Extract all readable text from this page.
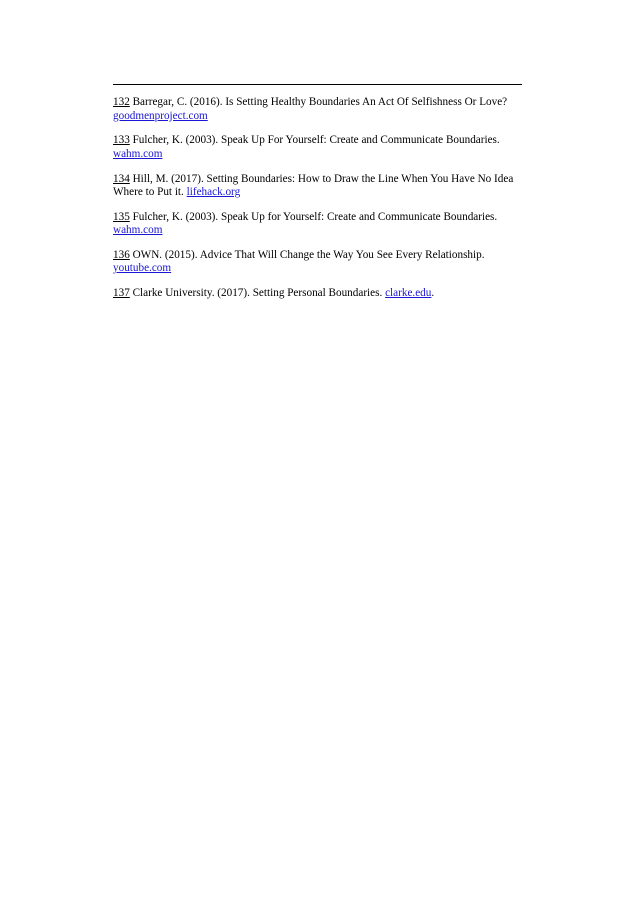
132 Barregar, C. (2016). Is Setting Healthy Boundaries An Act Of Selfishness Or Love? goodmenproject.com

133 Fulcher, K. (2003). Speak Up For Yourself: Create and Communicate Boundaries. wahm.com

134 Hill, M. (2017). Setting Boundaries: How to Draw the Line When You Have No Idea Where to Put it. lifehack.org

135 Fulcher, K. (2003). Speak Up for Yourself: Create and Communicate Boundaries. wahm.com

136 OWN. (2015). Advice That Will Change the Way You See Every Relationship. youtube.com

137 Clarke University. (2017). Setting Personal Boundaries. clarke.edu.
